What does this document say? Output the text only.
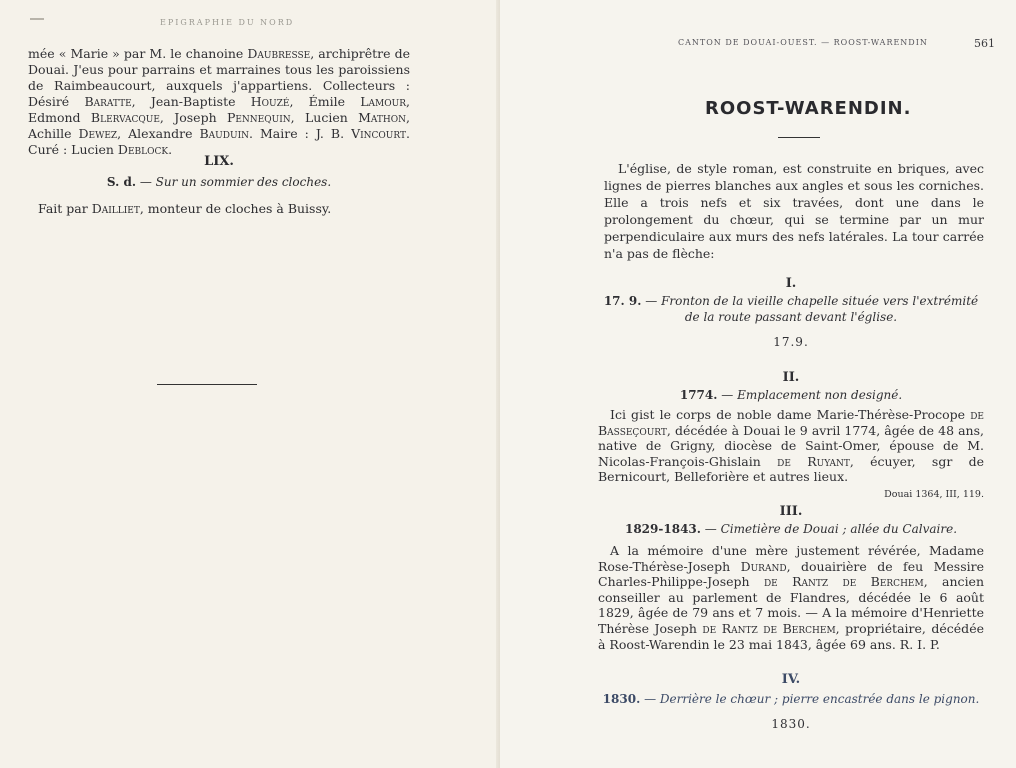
EPIGRAPHIE DU NORD
mée « Marie » par M. le chanoine Daubresse, archiprêtre de Douai. J'eus pour parrains et marraines tous les paroissiens de Raimbeaucourt, auxquels j'appartiens. Collecteurs : Désiré Baratte, Jean-Baptiste Houzé, Émile Lamour, Edmond Blervacque, Joseph Pennequin, Lucien Mathon, Achille Dewez, Alexandre Bauduin. Maire : J. B. Vincourt. Curé : Lucien Deblock.
LIX.
S. d. — Sur un sommier des cloches.
Fait par Dailliet, monteur de cloches à Buissy.
CANTON DE DOUAI-OUEST. — ROOST-WARENDIN	561
ROOST-WARENDIN.
L'église, de style roman, est construite en briques, avec lignes de pierres blanches aux angles et sous les corniches. Elle a trois nefs et six travées, dont une dans le prolongement du chœur, qui se termine par un mur perpendiculaire aux murs des nefs latérales. La tour carrée n'a pas de flèche:
I.
17. 9. — Fronton de la vieille chapelle située vers l'extrémité de la route passant devant l'église.
17.9.
II.
1774. — Emplacement non designé.
Ici gist le corps de noble dame Marie-Thérèse-Procope de Basseçourt, décédée à Douai le 9 avril 1774, âgée de 48 ans, native de Grigny, diocèse de Saint-Omer, épouse de M. Nicolas-François-Ghislain de Ruyant, écuyer, sgr de Bernicourt, Belleforière et autres lieux.
Douai 1364, III, 119.
III.
1829-1843. — Cimetière de Douai ; allée du Calvaire.
A la mémoire d'une mère justement révérée, Madame Rose-Thérèse-Joseph Durand, douairière de feu Messire Charles-Philippe-Joseph de Rantz de Berchem, ancien conseiller au parlement de Flandres, décédée le 6 août 1829, âgée de 79 ans et 7 mois. — A la mémoire d'Henriette Thérèse Joseph de Rantz de Berchem, propriétaire, décédée à Roost-Warendin le 23 mai 1843, âgée 69 ans. R. I. P.
IV.
1830. — Derrière le chœur ; pierre encastrée dans le pignon.
1830.
